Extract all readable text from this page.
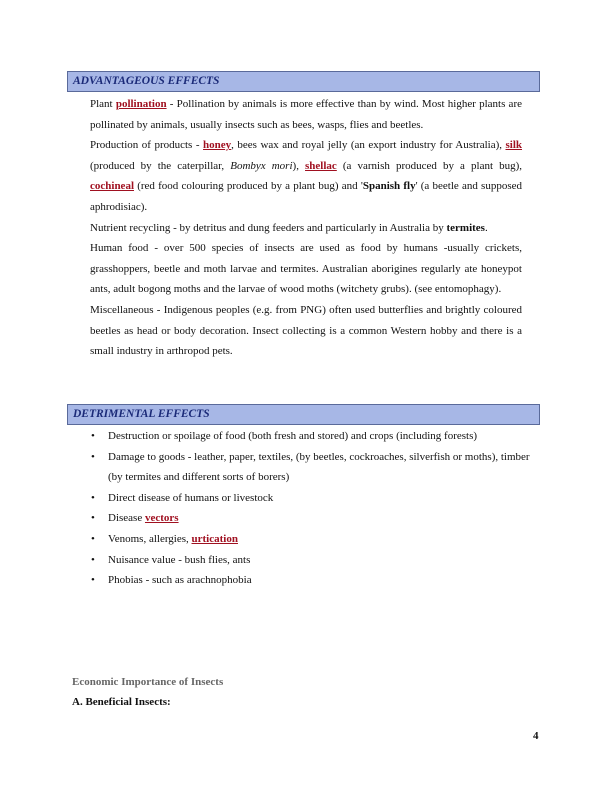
ADVANTAGEOUS EFFECTS

Plant pollination - Pollination by animals is more effective than by wind. Most higher plants are pollinated by animals, usually insects such as bees, wasps, flies and beetles.

Production of products - honey, bees wax and royal jelly (an export industry for Australia), silk (produced by the caterpillar, Bombyx mori), shellac (a varnish produced by a plant bug), cochineal (red food colouring produced by a plant bug) and 'Spanish fly' (a beetle and supposed aphrodisiac).

Nutrient recycling - by detritus and dung feeders and particularly in Australia by termites.

Human food - over 500 species of insects are used as food by humans -usually crickets, grasshoppers, beetle and moth larvae and termites. Australian aborigines regularly ate honeypot ants, adult bogong moths and the larvae of wood moths (witchety grubs). (see entomophagy).

Miscellaneous - Indigenous peoples (e.g. from PNG) often used butterflies and brightly coloured beetles as head or body decoration. Insect collecting is a common Western hobby and there is a small industry in arthropod pets.

DETRIMENTAL EFFECTS
• Destruction or spoilage of food (both fresh and stored) and crops (including forests)
• Damage to goods - leather, paper, textiles, (by beetles, cockroaches, silverfish or moths), timber (by termites and different sorts of borers)
• Direct disease of humans or livestock
• Disease vectors
• Venoms, allergies, urtication
• Nuisance value - bush flies, ants
• Phobias - such as arachnophobia
Economic Importance of Insects
A. Beneficial Insects:
4
